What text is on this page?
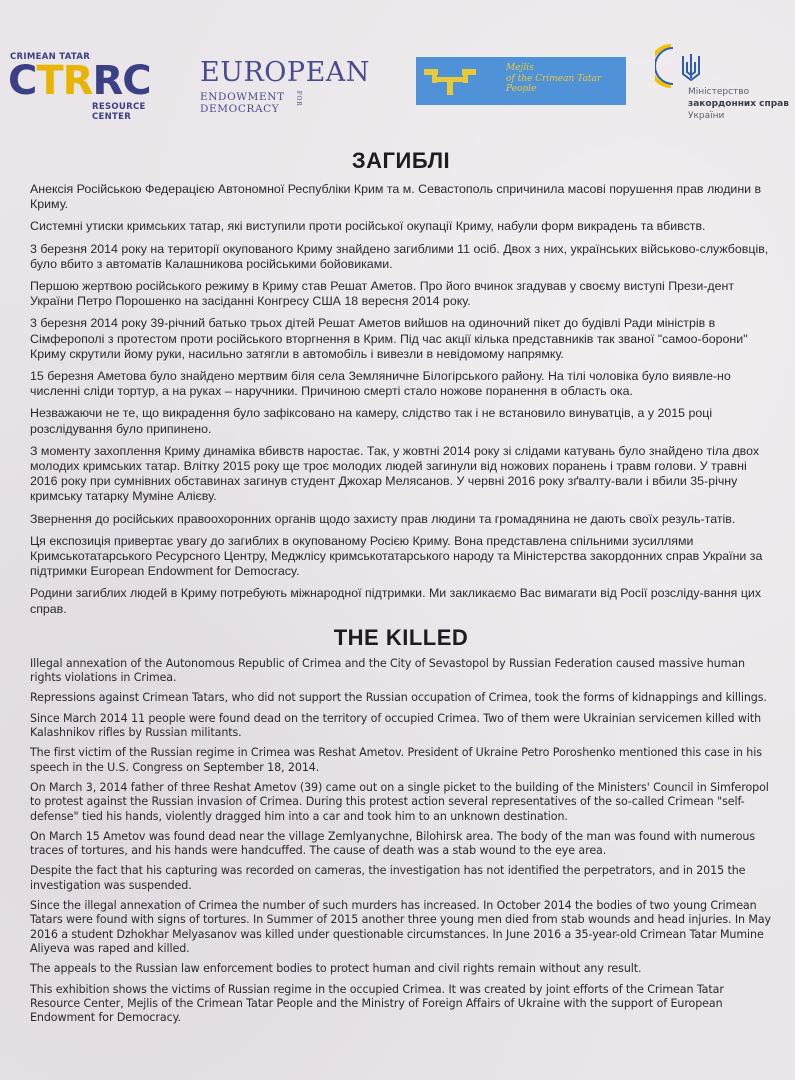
CRIMEAN TATAR
CTRRC
RESOURCE CENTER
EUROPEAN
ENDOWMENT FOR DEMOCRACY
Mejlis
of the Crimean Tatar
People	Міністерство
закордонних справ
України
ЗАГИБЛІ

Анексія Російською Федерацією Автономної Республіки Крим та м. Севастополь спричинила масові порушення прав людини в Криму.

Системні утиски кримських татар, які виступили проти російської окупації Криму, набули форм викрадень та вбивств.

3 березня 2014 року на території окупованого Криму знайдено загиблими 11 осіб. Двох з них, українських військово-службовців, було вбито з автоматів Калашникова російськими бойовиками.

Першою жертвою російського режиму в Криму став Решат Аметов. Про його вчинок згадував у своєму виступі Прези-дент України Петро Порошенко на засіданні Конгресу США 18 вересня 2014 року.

3 березня 2014 року 39-річний батько трьох дітей Решат Аметов вийшов на одиночний пікет до будівлі Ради міністрів в Сімферополі з протестом проти російського вторгнення в Крим. Під час акції кілька представників так званої "самоо-борони" Криму скрутили йому руки, насильно затягли в автомобіль і вивезли в невідомому напрямку.

15 березня Аметова було знайдено мертвим біля села Земляничне Білогірського району. На тілі чоловіка було виявле-но численні сліди тортур, а на руках – наручники. Причиною смерті стало ножове поранення в область ока.

Незважаючи не те, що викрадення було зафіксовано на камеру, слідство так і не встановило винуватців, а у 2015 році розслідування було припинено.

З моменту захоплення Криму динаміка вбивств наростає. Так, у жовтні 2014 року зі слідами катувань було знайдено тіла двох молодих кримських татар. Влітку 2015 року ще троє молодих людей загинули від ножових поранень і травм голови. У травні 2016 року при сумнівних обставинах загинув студент Джохар Мелясанов. У червні 2016 року зґвалту-вали і вбили 35-річну кримську татарку Муміне Алієву.

Звернення до російських правоохоронних органів щодо захисту прав людини та громадянина не дають своїх резуль-татів.

Ця експозиція привертає увагу до загиблих в окупованому Росією Криму. Вона представлена спільними зусиллями Кримськотатарського Ресурсного Центру, Меджлісу кримськотатарського народу та Міністерства закордонних справ України за підтримки European Endowment for Democracy.

Родини загиблих людей в Криму потребують міжнародної підтримки. Ми закликаємо Вас вимагати від Росії розсліду-вання цих справ.

THE KILLED

Illegal annexation of the Autonomous Republic of Crimea and the City of Sevastopol by Russian Federation caused massive human rights violations in Crimea.

Repressions against Crimean Tatars, who did not support the Russian occupation of Crimea, took the forms of kidnappings and killings.

Since March 2014 11 people were found dead on the territory of occupied Crimea. Two of them were Ukrainian servicemen killed with Kalashnikov rifles by Russian militants.

The first victim of the Russian regime in Crimea was Reshat Ametov. President of Ukraine Petro Poroshenko mentioned this case in his speech in the U.S. Congress on September 18, 2014.

On March 3, 2014 father of three Reshat Ametov (39) came out on a single picket to the building of the Ministers' Council in Simferopol to protest against the Russian invasion of Crimea. During this protest action several representatives of the so-called Crimean "self-defense" tied his hands, violently dragged him into a car and took him to an unknown destination.

On March 15 Ametov was found dead near the village Zemlyanychne, Bilohirsk area. The body of the man was found with numerous traces of tortures, and his hands were handcuffed. The cause of death was a stab wound to the eye area.

Despite the fact that his capturing was recorded on cameras, the investigation has not identified the perpetrators, and in 2015 the investigation was suspended.

Since the illegal annexation of Crimea the number of such murders has increased. In October 2014 the bodies of two young Crimean Tatars were found with signs of tortures. In Summer of 2015 another three young men died from stab wounds and head injuries. In May 2016 a student Dzhokhar Melyasanov was killed under questionable circumstances. In June 2016 a 35-year-old Crimean Tatar Mumine Aliyeva was raped and killed.

The appeals to the Russian law enforcement bodies to protect human and civil rights remain without any result.

This exhibition shows the victims of Russian regime in the occupied Crimea. It was created by joint efforts of the Crimean Tatar Resource Center, Mejlis of the Crimean Tatar People and the Ministry of Foreign Affairs of Ukraine with the support of European Endowment for Democracy.
